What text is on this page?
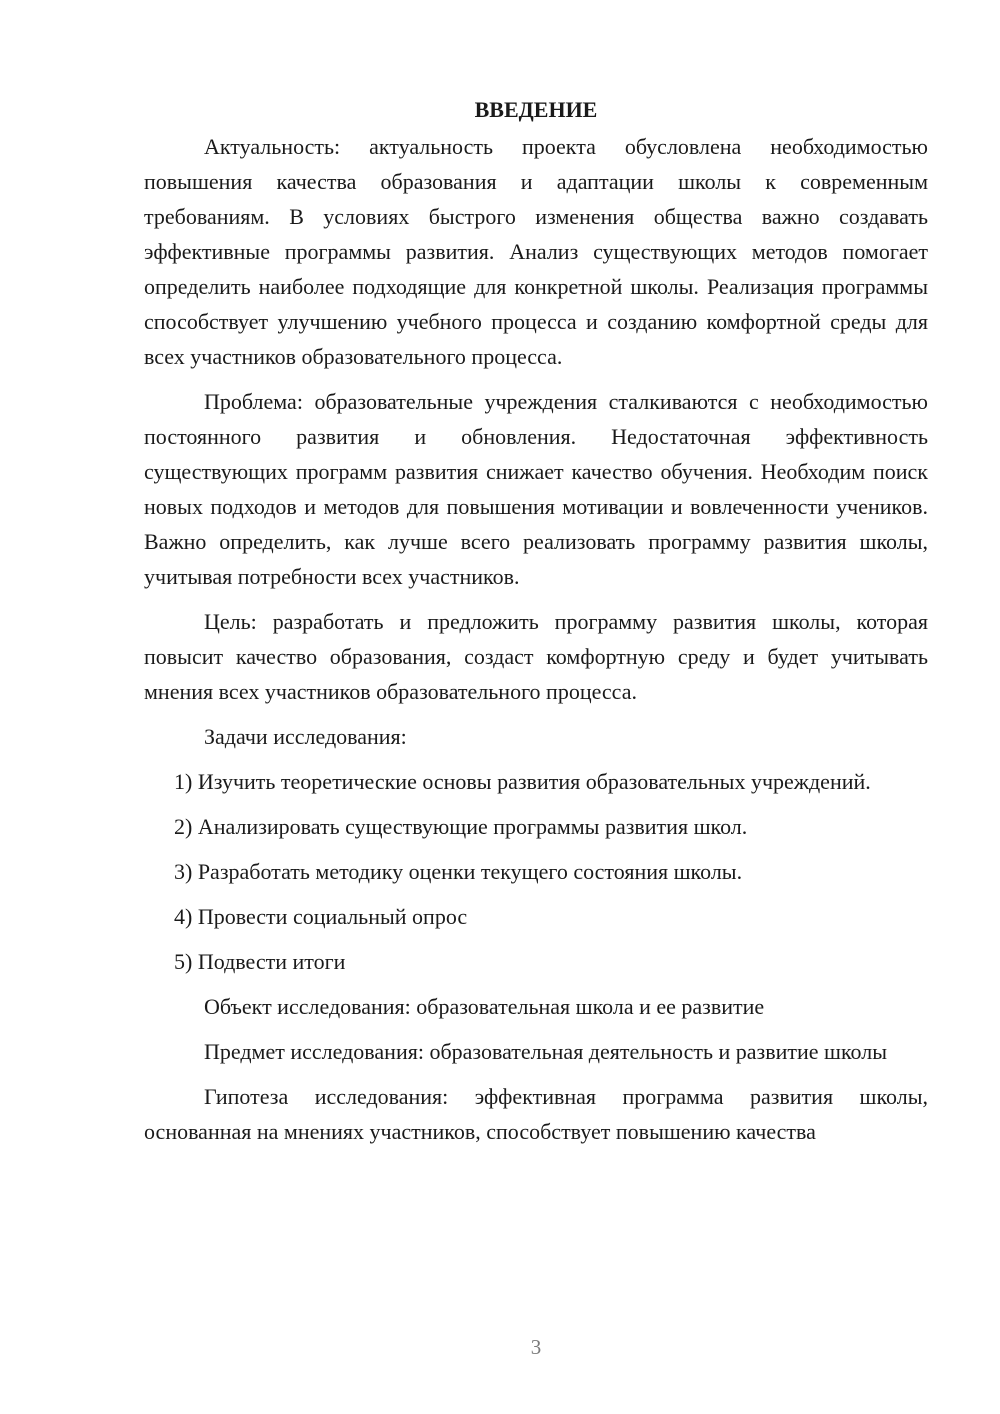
ВВЕДЕНИЕ

Актуальность: актуальность проекта обусловлена необходимостью повышения качества образования и адаптации школы к современным требованиям. В условиях быстрого изменения общества важно создавать эффективные программы развития. Анализ существующих методов помогает определить наиболее подходящие для конкретной школы. Реализация программы способствует улучшению учебного процесса и созданию комфортной среды для всех участников образовательного процесса.

Проблема: образовательные учреждения сталкиваются с необходимостью постоянного развития и обновления. Недостаточная эффективность существующих программ развития снижает качество обучения. Необходим поиск новых подходов и методов для повышения мотивации и вовлеченности учеников. Важно определить, как лучше всего реализовать программу развития школы, учитывая потребности всех участников.

Цель: разработать и предложить программу развития школы, которая повысит качество образования, создаст комфортную среду и будет учитывать мнения всех участников образовательного процесса.

Задачи исследования:

1) Изучить теоретические основы развития образовательных учреждений.

2) Анализировать существующие программы развития школ.

3) Разработать методику оценки текущего состояния школы.

4) Провести социальный опрос

5) Подвести итоги

Объект исследования: образовательная школа и ее развитие

Предмет исследования: образовательная деятельность и развитие школы

Гипотеза исследования: эффективная программа развития школы, основанная на мнениях участников, способствует повышению качества

3
